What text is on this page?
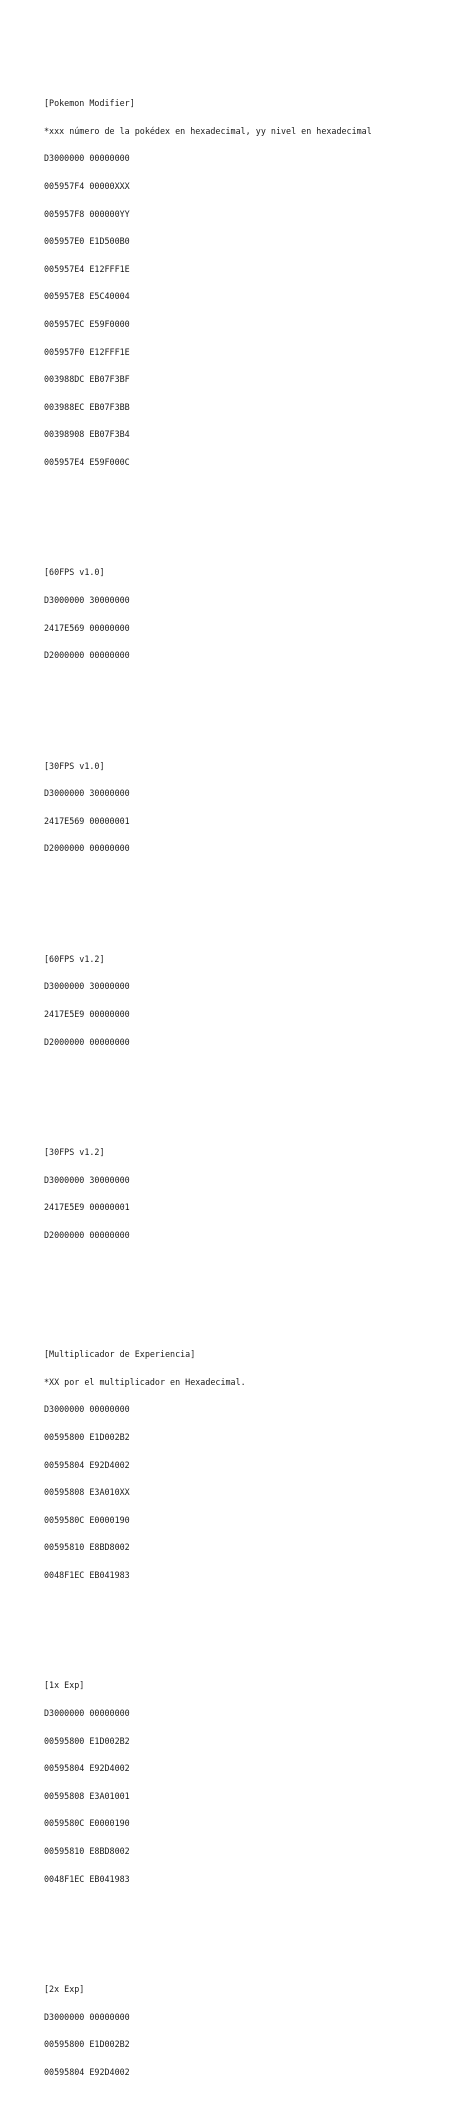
[Pokemon Modifier]

*xxx número de la pokédex en hexadecimal, yy nivel en hexadecimal

D3000000 00000000

005957F4 00000XXX

005957F8 000000YY

005957E0 E1D500B0

005957E4 E12FFF1E

005957E8 E5C40004

005957EC E59F0000

005957F0 E12FFF1E

003988DC EB07F3BF

003988EC EB07F3BB

00398908 EB07F3B4

005957E4 E59F000C

[60FPS v1.0]

D3000000 30000000

2417E569 00000000

D2000000 00000000

[30FPS v1.0]

D3000000 30000000

2417E569 00000001

D2000000 00000000

[60FPS v1.2]

D3000000 30000000

2417E5E9 00000000

D2000000 00000000

[30FPS v1.2]

D3000000 30000000

2417E5E9 00000001

D2000000 00000000

[Multiplicador de Experiencia]

*XX por el multiplicador en Hexadecimal.

D3000000 00000000

00595800 E1D002B2

00595804 E92D4002

00595808 E3A010XX

0059580C E0000190

00595810 E8BD8002

0048F1EC EB041983

[1x Exp]

D3000000 00000000

00595800 E1D002B2

00595804 E92D4002

00595808 E3A01001

0059580C E0000190

00595810 E8BD8002

0048F1EC EB041983

[2x Exp]

D3000000 00000000

00595800 E1D002B2

00595804 E92D4002
